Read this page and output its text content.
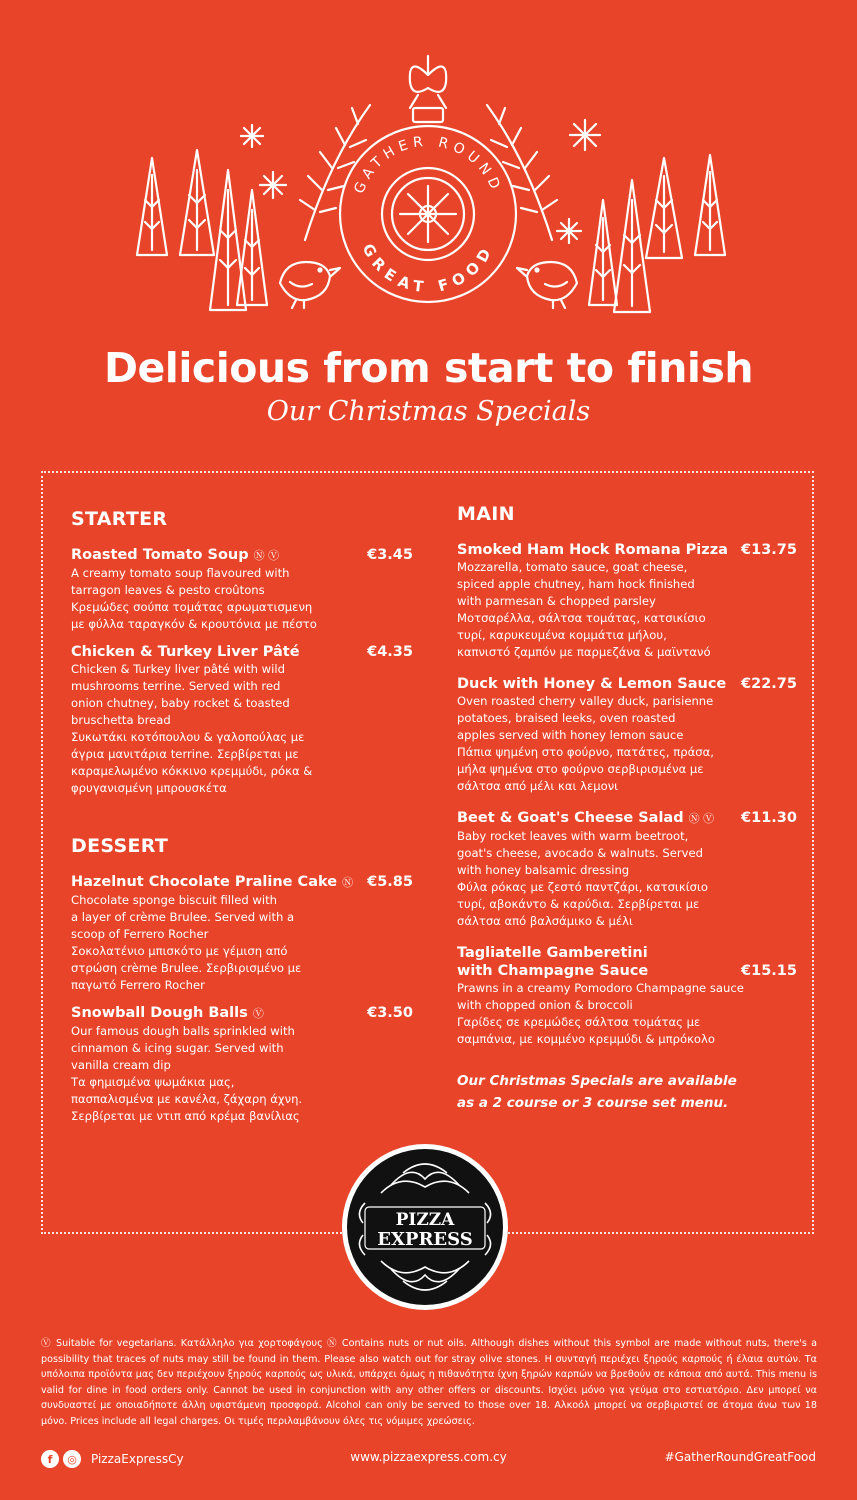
GATHER ROUND
GREAT FOOD
Delicious from start to finish
Our Christmas Specials
STARTER
Roasted Tomato Soup Ⓝ Ⓥ	€3.45
A creamy tomato soup flavoured with
tarragon leaves & pesto croûtons
Κρεμώδες σούπα τομάτας αρωματισμενη
με φύλλα ταραγκόν & κρουτόνια με πέστο
Chicken & Turkey Liver Pâté	€4.35
Chicken & Turkey liver pâté with wild
mushrooms terrine. Served with red
onion chutney, baby rocket & toasted
bruschetta bread
Συκωτάκι κοτόπουλου & γαλοπούλας με
άγρια μανιτάρια terrine. Σερβίρεται με
καραμελωμένο κόκκινο κρεμμύδι, ρόκα &
φρυγανισμένη μπρουσκέτα
DESSERT
Hazelnut Chocolate Praline Cake Ⓝ €5.85
Chocolate sponge biscuit filled with
a layer of crème Brulee. Served with a
scoop of Ferrero Rocher
Σοκολατένιο μπισκότο με γέμιση από
στρώση crème Brulee. Σερβιρισμένο με
παγωτό Ferrero Rocher
Snowball Dough Balls Ⓥ	€3.50
Our famous dough balls sprinkled with
cinnamon & icing sugar. Served with
vanilla cream dip
Τα φημισμένα ψωμάκια μας,
πασπαλισμένα με κανέλα, ζάχαρη άχνη.
Σερβίρεται με ντιπ από κρέμα βανίλιας
MAIN
Smoked Ham Hock Romana Pizza €13.75
Mozzarella, tomato sauce, goat cheese,
spiced apple chutney, ham hock finished
with parmesan & chopped parsley
Μοτσαρέλλα, σάλτσα τομάτας, κατσικίσιο
τυρί, καρυκευμένα κομμάτια μήλου,
καπνιστό ζαμπόν με παρμεζάνα & μαϊντανό
Duck with Honey & Lemon Sauce €22.75
Oven roasted cherry valley duck, parisienne
potatoes, braised leeks, oven roasted
apples served with honey lemon sauce
Πάπια ψημένη στο φούρνο, πατάτες, πράσα,
μήλα ψημένα στο φούρνο σερβιρισμένα με
σάλτσα από μέλι και λεμονι
Beet & Goat's Cheese Salad Ⓝ Ⓥ €11.30
Baby rocket leaves with warm beetroot,
goat's cheese, avocado & walnuts. Served
with honey balsamic dressing
Φύλα ρόκας με ζεστό παντζάρι, κατσικίσιο
τυρί, αβοκάντο & καρύδια. Σερβίρεται με
σάλτσα από βαλσάμικο & μέλι
Tagliatelle Gamberetini
with Champagne Sauce	€15.15
Prawns in a creamy Pomodoro Champagne sauce
with chopped onion & broccoli
Γαρίδες σε κρεμώδες σάλτσα τομάτας με
σαμπάνια, με κομμένο κρεμμύδι & μπρόκολο
Our Christmas Specials are available
as a 2 course or 3 course set menu.
PIZZA
EXPRESS
Ⓥ Suitable for vegetarians. Κατάλληλο για χορτοφάγους Ⓝ Contains nuts or nut oils. Although dishes without this symbol are made without nuts, there's a possibility that traces of nuts may still be found in them. Please also watch out for stray olive stones. Η συνταγή περιέχει ξηρούς καρπούς ή έλαια αυτών. Τα υπόλοιπα προϊόντα μας δεν περιέχουν ξηρούς καρπούς ως υλικά, υπάρχει όμως η πιθανότητα ίχνη ξηρών καρπών να βρεθούν σε κάποια από αυτά. This menu is valid for dine in food orders only. Cannot be used in conjunction with any other offers or discounts. Ισχύει μόνο για γεύμα στο εστιατόριο. Δεν μπορεί να συνδυαστεί με οποιαδήποτε άλλη υφιστάμενη προσφορά. Alcohol can only be served to those over 18. Αλκοόλ μπορεί να σερβιριστεί σε άτομα άνω των 18 μόνο. Prices include all legal charges. Οι τιμές περιλαμβάνουν όλες τις νόμιμες χρεώσεις.
f	◎	PizzaExpressCy	www.pizzaexpress.com.cy	#GatherRoundGreatFood
